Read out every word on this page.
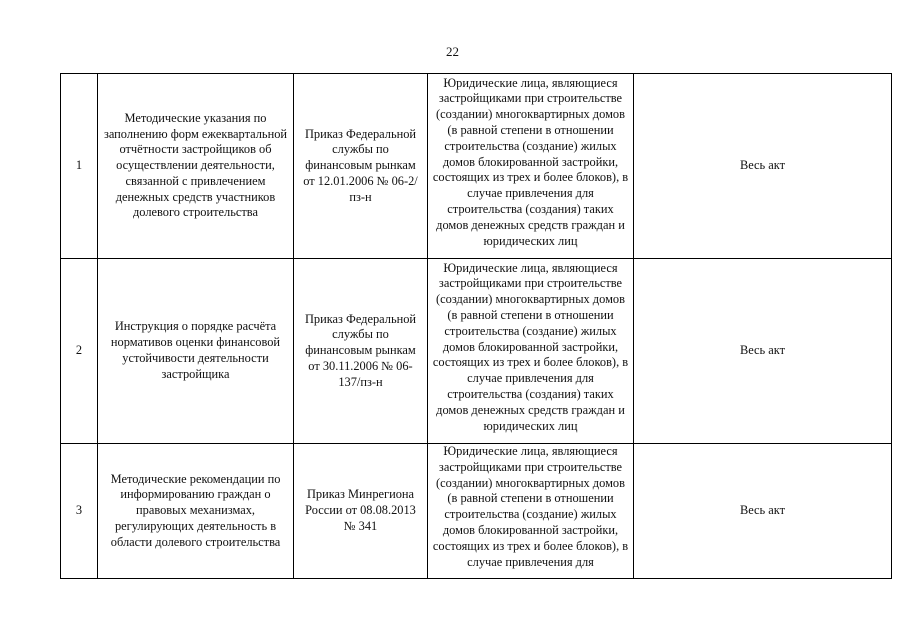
22
1	Методические указания по заполнению форм ежеквартальной отчётности застройщиков об осуществлении деятельности, связанной с привлечением денежных средств участников долевого строительства	Приказ Федеральной службы по финансовым рынкам от 12.01.2006 № 06-2/пз-н	Юридические лица, являющиеся застройщиками при строительстве (создании) многоквартирных домов (в равной степени в отношении строительства (создание) жилых домов блокированной застройки, состоящих из трех и более блоков), в случае привлечения для строительства (создания) таких домов денежных средств граждан и юридических лиц	Весь акт
2	Инструкция о порядке расчёта нормативов оценки финансовой устойчивости деятельности застройщика	Приказ Федеральной службы по финансовым рынкам от 30.11.2006 № 06-137/пз-н	Юридические лица, являющиеся застройщиками при строительстве (создании) многоквартирных домов (в равной степени в отношении строительства (создание) жилых домов блокированной застройки, состоящих из трех и более блоков), в случае привлечения для строительства (создания) таких домов денежных средств граждан и юридических лиц	Весь акт
3	Методические рекомендации по информированию граждан о правовых механизмах, регулирующих деятельность в области долевого строительства	Приказ Минрегиона России от 08.08.2013 № 341	Юридические лица, являющиеся застройщиками при строительстве (создании) многоквартирных домов (в равной степени в отношении строительства (создание) жилых домов блокированной застройки, состоящих из трех и более блоков), в случае привлечения для	Весь акт
